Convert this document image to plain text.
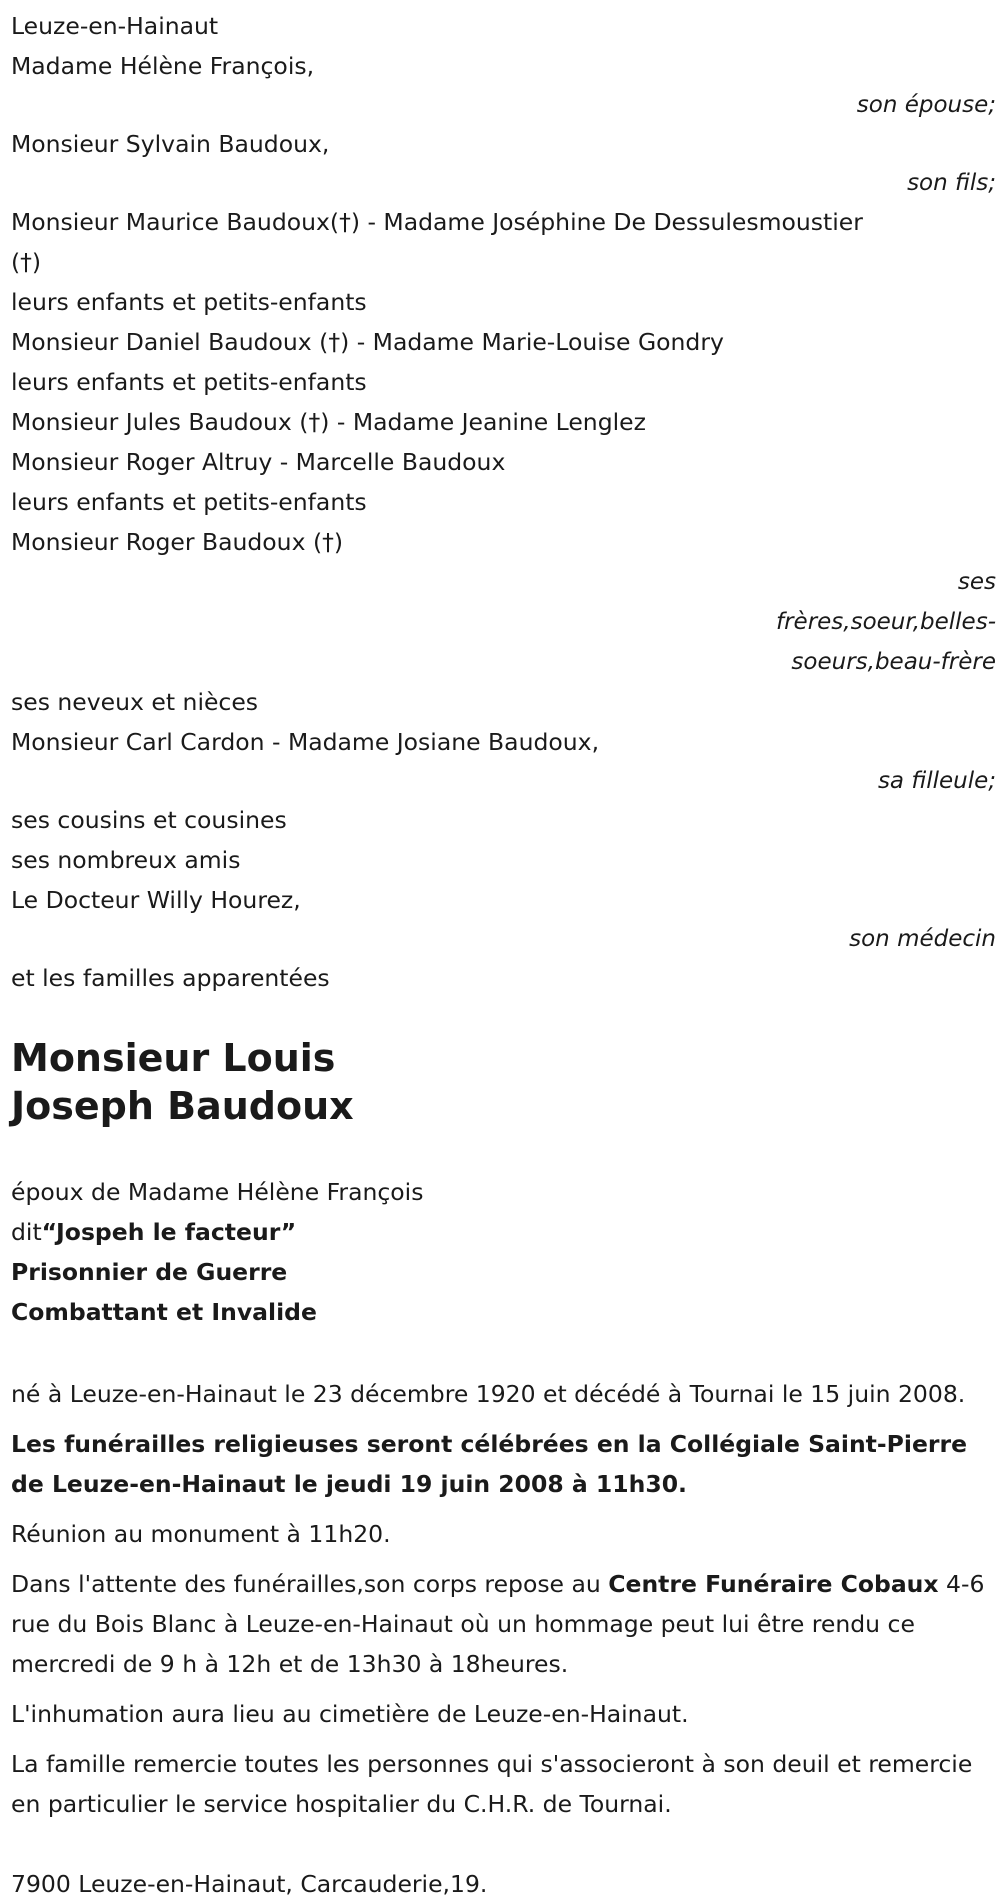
Leuze-en-Hainaut
Madame Hélène François,
son épouse;
Monsieur Sylvain Baudoux,
son fils;
Monsieur Maurice Baudoux(†) - Madame Joséphine De Dessulesmoustier
(†)
leurs enfants et petits-enfants
Monsieur Daniel Baudoux (†) - Madame Marie-Louise Gondry
leurs enfants et petits-enfants
Monsieur Jules Baudoux (†) - Madame Jeanine Lenglez
Monsieur Roger Altruy - Marcelle Baudoux
leurs enfants et petits-enfants
Monsieur Roger Baudoux (†)
ses
frères,soeur,belles-
soeurs,beau-frère
ses neveux et nièces
Monsieur Carl Cardon - Madame Josiane Baudoux,
sa filleule;
ses cousins et cousines
ses nombreux amis
Le Docteur Willy Hourez,
son médecin
et les familles apparentées
Monsieur Louis Joseph Baudoux
époux de Madame Hélène François
dit“Jospeh le facteur”
Prisonnier de Guerre
Combattant et Invalide
né à Leuze-en-Hainaut le 23 décembre 1920 et décédé à Tournai le 15 juin 2008.
Les funérailles religieuses seront célébrées en la Collégiale Saint-Pierre de Leuze-en-Hainaut le jeudi 19 juin 2008 à 11h30.
Réunion au monument à 11h20.
Dans l'attente des funérailles,son corps repose au Centre Funéraire Cobaux 4-6 rue du Bois Blanc à Leuze-en-Hainaut où un hommage peut lui être rendu ce mercredi de 9 h à 12h et de 13h30 à 18heures.
L'inhumation aura lieu au cimetière de Leuze-en-Hainaut.
La famille remercie toutes les personnes qui s'associeront à son deuil et remercie en particulier le service hospitalier du C.H.R. de Tournai.
7900 Leuze-en-Hainaut, Carcauderie,19.
